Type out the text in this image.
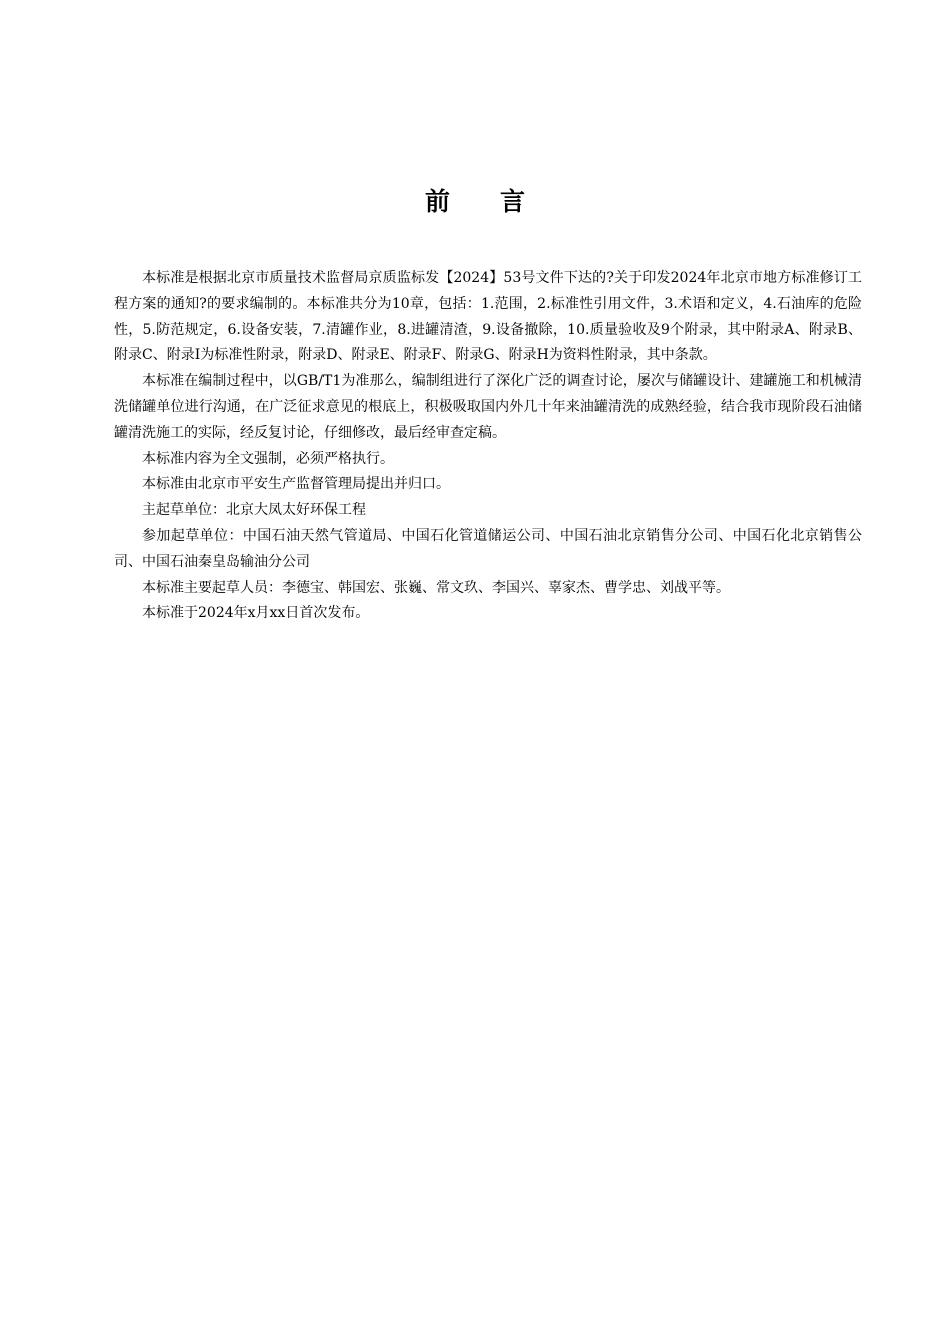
前言

本标准是根据北京市质量技术监督局京质监标发【2024】53号文件下达的?关于印发2024年北京市地方标准修订工程方案的通知?的要求编制的。本标准共分为10章，包括：1.范围，2.标准性引用文件，3.术语和定义，4.石油库的危险性，5.防范规定，6.设备安装，7.清罐作业，8.进罐清渣，9.设备撤除，10.质量验收及9个附录，其中附录A、附录B、附录C、附录I为标准性附录，附录D、附录E、附录F、附录G、附录H为资料性附录，其中条款。

本标准在编制过程中，以GB/T1为准那么，编制组进行了深化广泛的调查讨论，屡次与储罐设计、建罐施工和机械清洗储罐单位进行沟通，在广泛征求意见的根底上，积极吸取国内外几十年来油罐清洗的成熟经验，结合我市现阶段石油储罐清洗施工的实际，经反复讨论，仔细修改，最后经审查定稿。

本标准内容为全文强制，必须严格执行。

本标准由北京市平安生产监督管理局提出并归口。

主起草单位：北京大凤太好环保工程

参加起草单位：中国石油天然气管道局、中国石化管道储运公司、中国石油北京销售分公司、中国石化北京销售公司、中国石油秦皇岛输油分公司

本标准主要起草人员：李德宝、韩国宏、张巍、常文玖、李国兴、辜家杰、曹学忠、刘战平等。

本标准于2024年x月xx日首次发布。
